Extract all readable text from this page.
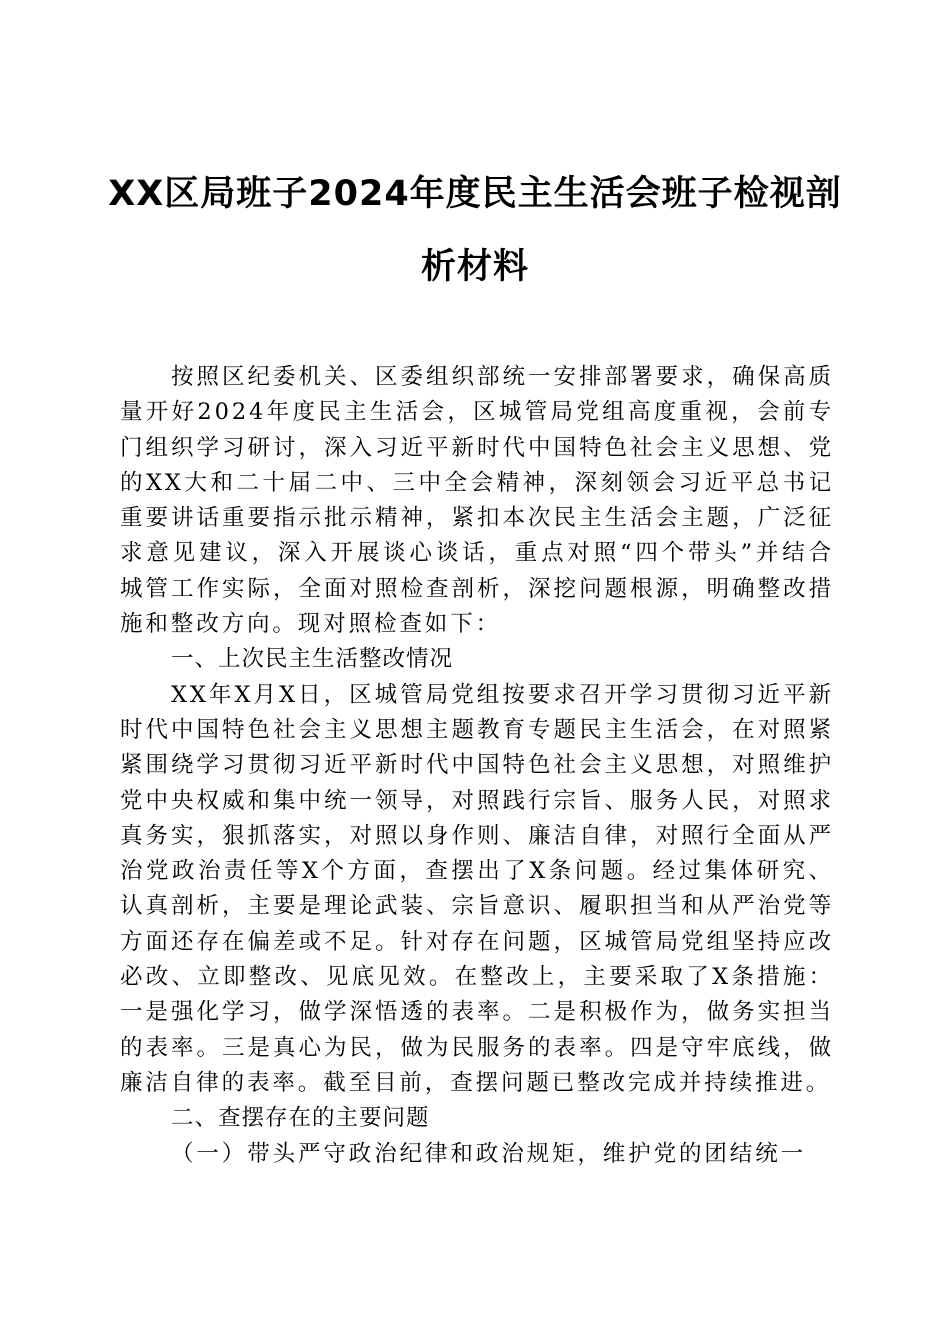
XX区局班子2024年度民主生活会班子检视剖
析材料

按照区纪委机关、区委组织部统一安排部署要求，确保高质量开好2024年度民主生活会，区城管局党组高度重视，会前专门组织学习研讨，深入习近平新时代中国特色社会主义思想、党的XX大和二十届二中、三中全会精神，深刻领会习近平总书记重要讲话重要指示批示精神，紧扣本次民主生活会主题，广泛征求意见建议，深入开展谈心谈话，重点对照“四个带头”并结合城管工作实际，全面对照检查剖析，深挖问题根源，明确整改措施和整改方向。现对照检查如下：

一、上次民主生活整改情况

XX年X月X日，区城管局党组按要求召开学习贯彻习近平新时代中国特色社会主义思想主题教育专题民主生活会，在对照紧紧围绕学习贯彻习近平新时代中国特色社会主义思想，对照维护党中央权威和集中统一领导，对照践行宗旨、服务人民，对照求真务实，狠抓落实，对照以身作则、廉洁自律，对照行全面从严治党政治责任等X个方面，查摆出了X条问题。经过集体研究、认真剖析，主要是理论武装、宗旨意识、履职担当和从严治党等方面还存在偏差或不足。针对存在问题，区城管局党组坚持应改必改、立即整改、见底见效。在整改上，主要采取了X条措施：一是强化学习，做学深悟透的表率。二是积极作为，做务实担当的表率。三是真心为民，做为民服务的表率。四是守牢底线，做廉洁自律的表率。截至目前，查摆问题已整改完成并持续推进。

二、查摆存在的主要问题

（一）带头严守政治纪律和政治规矩，维护党的团结统一
